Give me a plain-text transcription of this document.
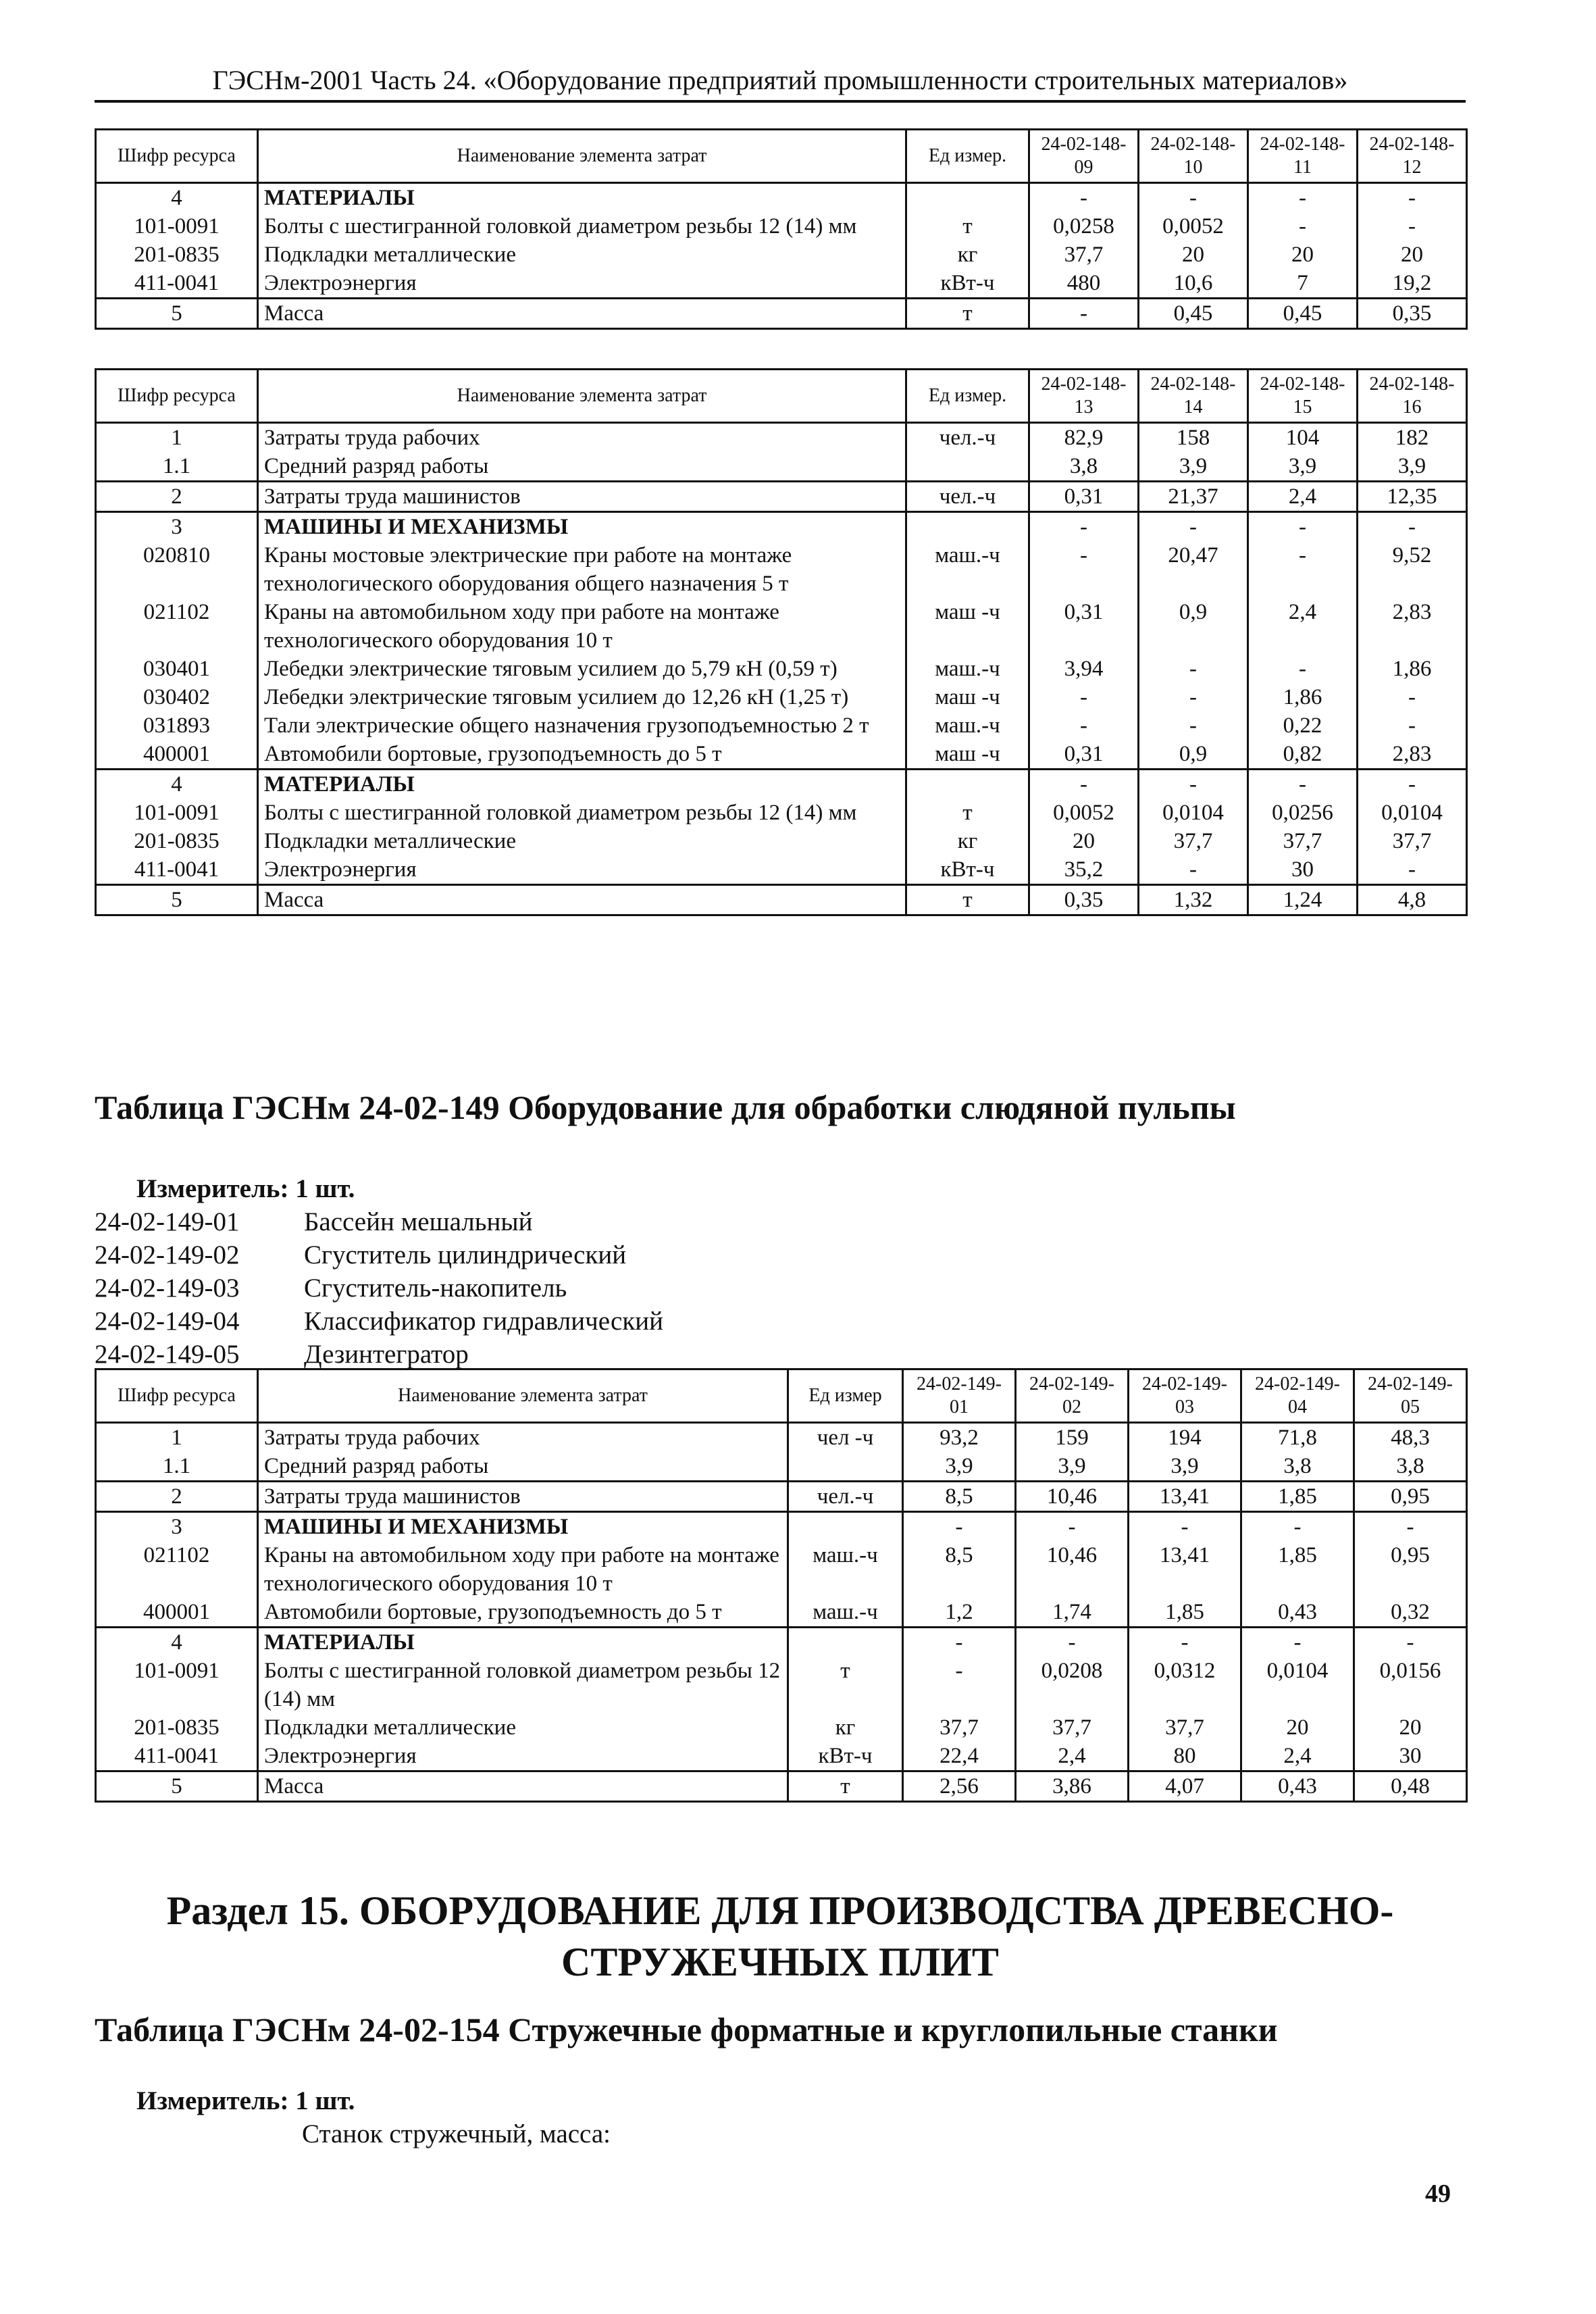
ГЭСНм-2001 Часть 24. «Оборудование предприятий промышленности строительных материалов»
Шифр ресурса	Наименование элемента затрат	Ед измер.	24-02-148-09	24-02-148-10	24-02-148-11	24-02-148-12
4	МАТЕРИАЛЫ		-	-	-	-
101-0091	Болты с шестигранной головкой диаметром резьбы 12 (14) мм	т	0,0258	0,0052	-	-
201-0835	Подкладки металлические	кг	37,7	20	20	20
411-0041	Электроэнергия	кВт-ч	480	10,6	7	19,2
5	Масса	т	-	0,45	0,45	0,35
Шифр ресурса	Наименование элемента затрат	Ед измер.	24-02-148-13	24-02-148-14	24-02-148-15	24-02-148-16
1	Затраты труда рабочих	чел.-ч	82,9	158	104	182
1.1	Средний разряд работы		3,8	3,9	3,9	3,9
2	Затраты труда машинистов	чел.-ч	0,31	21,37	2,4	12,35
3	МАШИНЫ И МЕХАНИЗМЫ		-	-	-	-
020810	Краны мостовые электрические при работе на монтаже технологического оборудования общего назначения 5 т	маш.-ч	-	20,47	-	9,52
021102	Краны на автомобильном ходу при работе на монтаже технологического оборудования 10 т	маш -ч	0,31	0,9	2,4	2,83
030401	Лебедки электрические тяговым усилием до 5,79 кН (0,59 т)	маш.-ч	3,94	-	-	1,86
030402	Лебедки электрические тяговым усилием до 12,26 кН (1,25 т)	маш -ч	-	-	1,86	-
031893	Тали электрические общего назначения грузоподъемностью 2 т	маш.-ч	-	-	0,22	-
400001	Автомобили бортовые, грузоподъемность до 5 т	маш -ч	0,31	0,9	0,82	2,83
4	МАТЕРИАЛЫ		-	-	-	-
101-0091	Болты с шестигранной головкой диаметром резьбы 12 (14) мм	т	0,0052	0,0104	0,0256	0,0104
201-0835	Подкладки металлические	кг	20	37,7	37,7	37,7
411-0041	Электроэнергия	кВт-ч	35,2	-	30	-
5	Масса	т	0,35	1,32	1,24	4,8
Таблица ГЭСНм 24-02-149 Оборудование для обработки слюдяной пульпы
Измеритель: 1 шт.
24-02-149-01	Бассейн мешальный
24-02-149-02	Сгуститель цилиндрический
24-02-149-03	Сгуститель-накопитель
24-02-149-04	Классификатор гидравлический
24-02-149-05	Дезинтегратор
Шифр ресурса	Наименование элемента затрат	Ед измер	24-02-149-01	24-02-149-02	24-02-149-03	24-02-149-04	24-02-149-05
1	Затраты труда рабочих	чел -ч	93,2	159	194	71,8	48,3
1.1	Средний разряд работы		3,9	3,9	3,9	3,8	3,8
2	Затраты труда машинистов	чел.-ч	8,5	10,46	13,41	1,85	0,95
3	МАШИНЫ И МЕХАНИЗМЫ		-	-	-	-	-
021102	Краны на автомобильном ходу при работе на монтаже технологического оборудования 10 т	маш.-ч	8,5	10,46	13,41	1,85	0,95
400001	Автомобили бортовые, грузоподъемность до 5 т	маш.-ч	1,2	1,74	1,85	0,43	0,32
4	МАТЕРИАЛЫ		-	-	-	-	-
101-0091	Болты с шестигранной головкой диаметром резьбы 12 (14) мм	т	-	0,0208	0,0312	0,0104	0,0156
201-0835	Подкладки металлические	кг	37,7	37,7	37,7	20	20
411-0041	Электроэнергия	кВт-ч	22,4	2,4	80	2,4	30
5	Масса	т	2,56	3,86	4,07	0,43	0,48
Раздел 15. ОБОРУДОВАНИЕ ДЛЯ ПРОИЗВОДСТВА ДРЕВЕСНО-
СТРУЖЕЧНЫХ ПЛИТ
Таблица ГЭСНм 24-02-154 Стружечные форматные и круглопильные станки
Измеритель: 1 шт.
Станок стружечный, масса:
49
